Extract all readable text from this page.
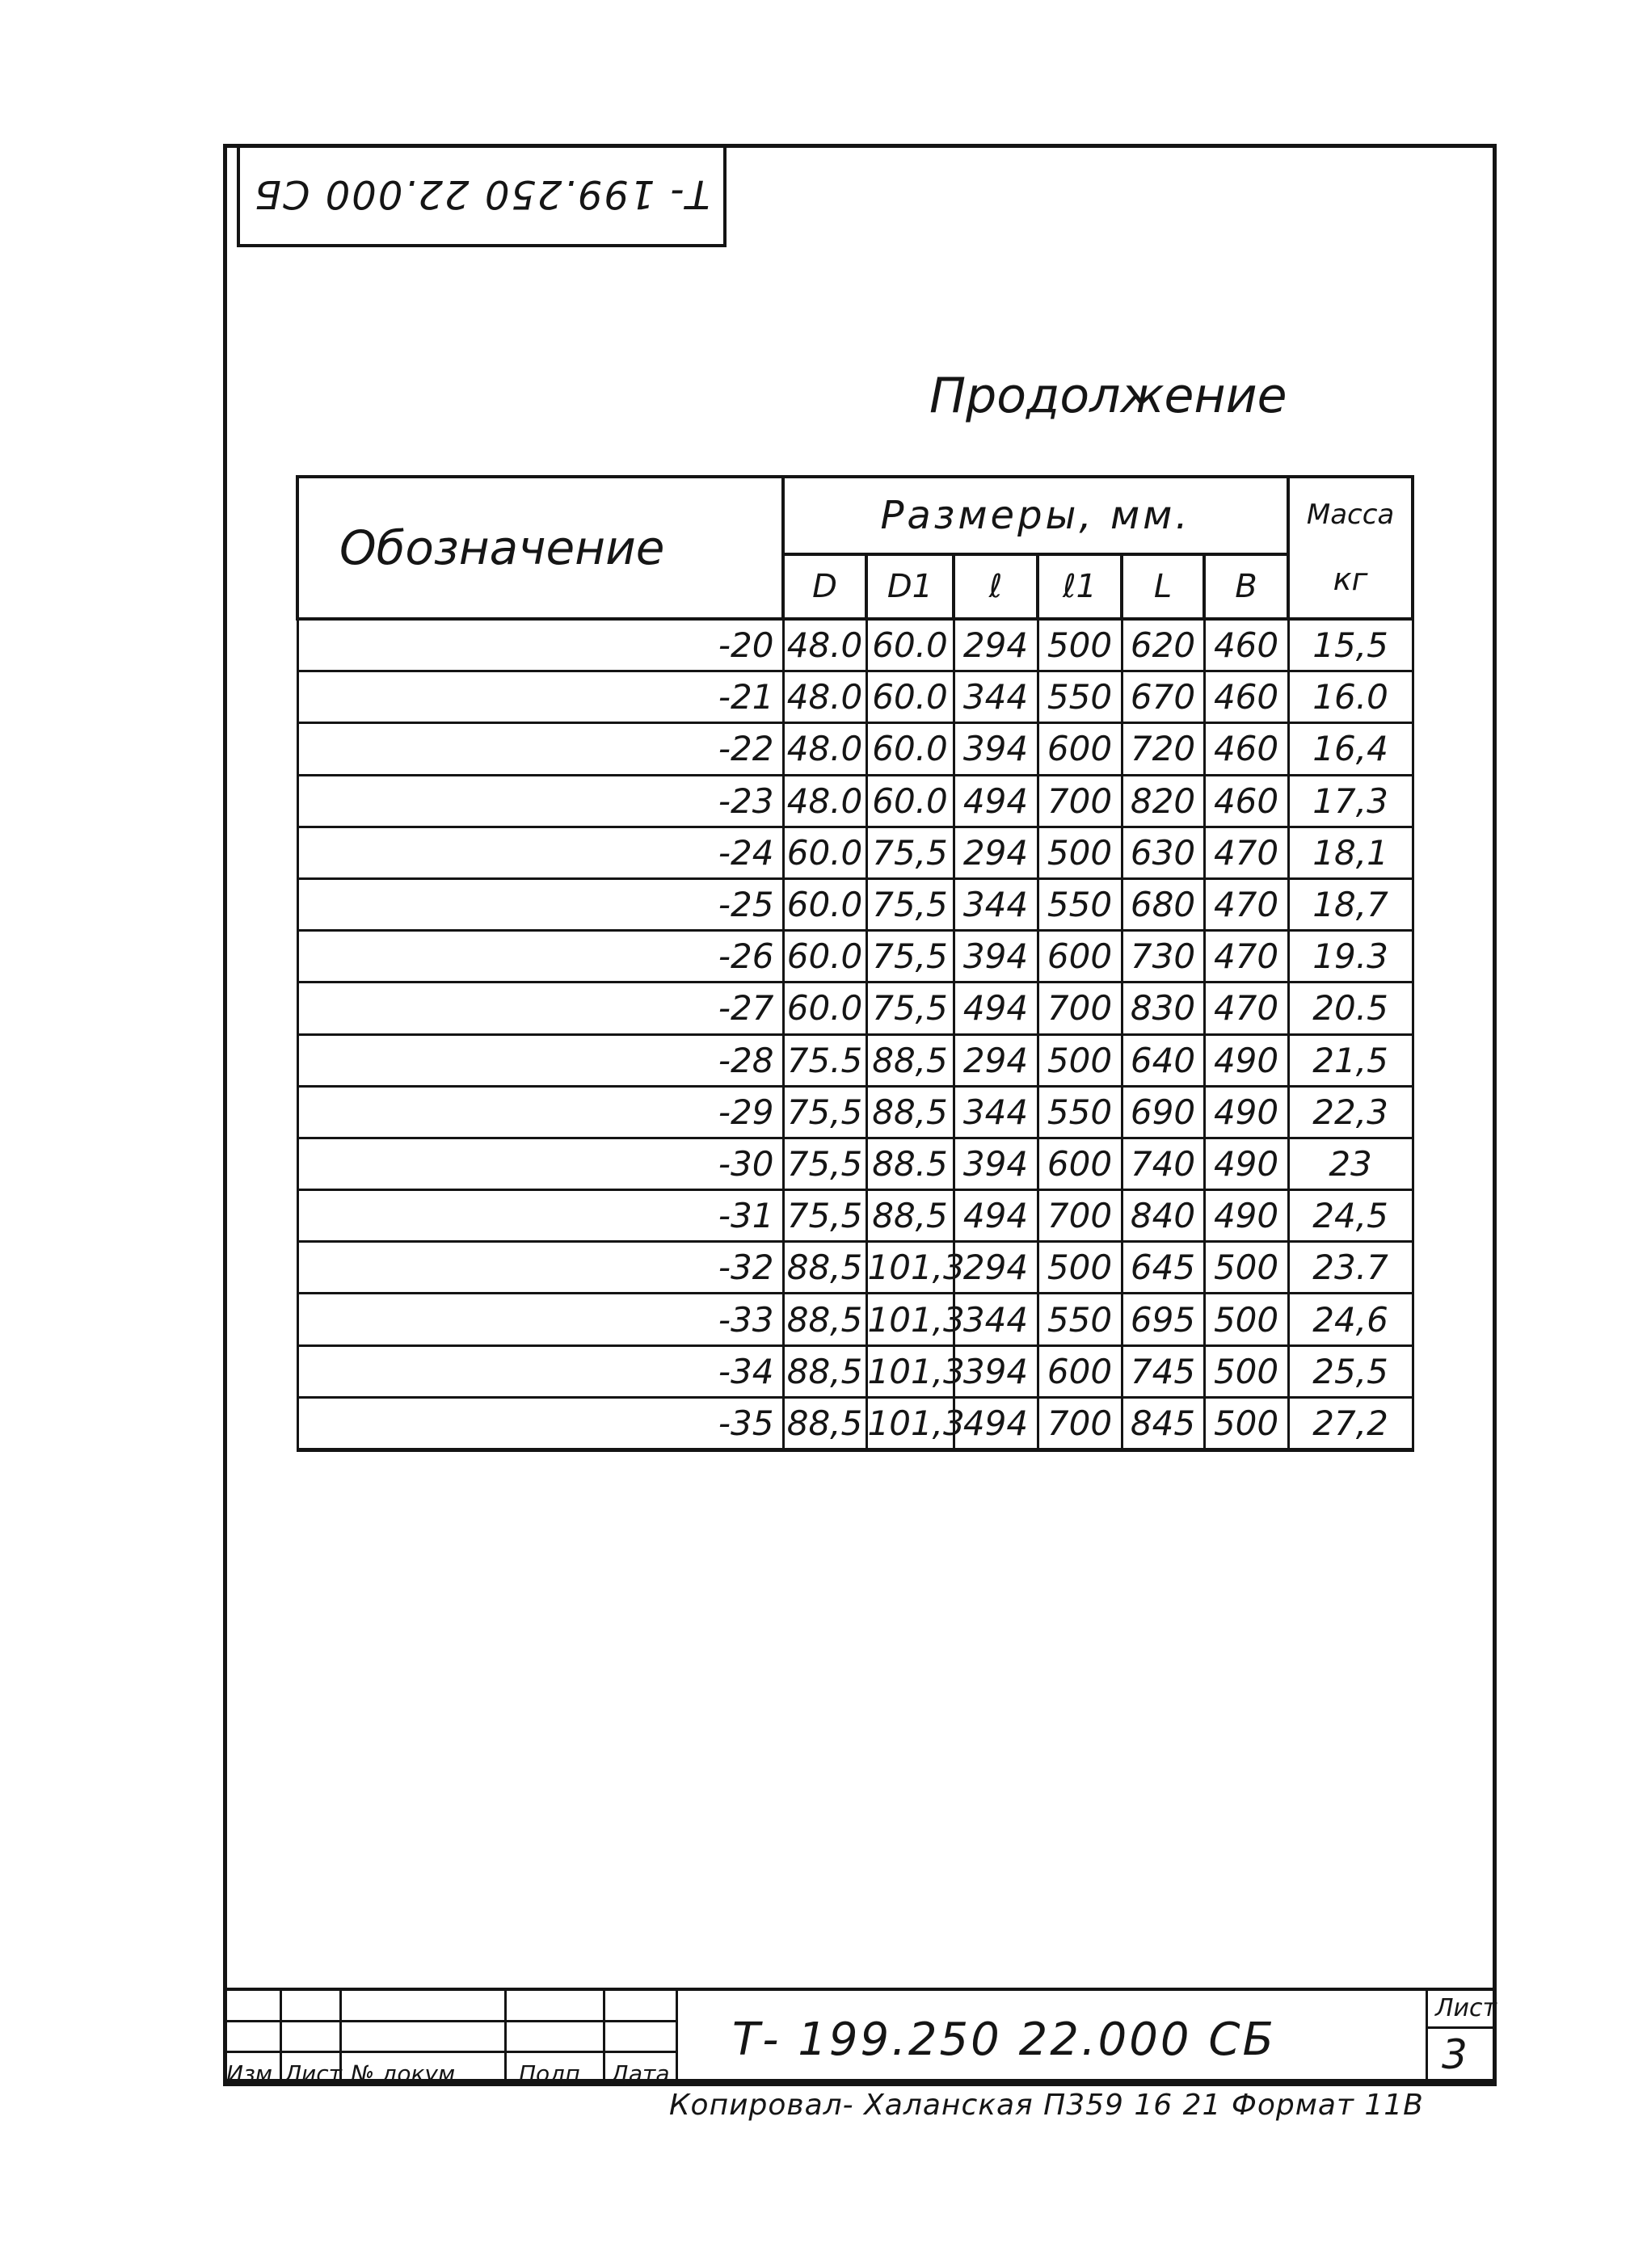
Т- 199.250 22.000 СБ
Продолжение
Обозначение	Размеры, мм.						Масса
кг

	D	D1	ℓ	ℓ1	L	B	
-20	48.0	60.0	294	500	620	460	15,5
-21	48.0	60.0	344	550	670	460	16.0
-22	48.0	60.0	394	600	720	460	16,4
-23	48.0	60.0	494	700	820	460	17,3
-24	60.0	75,5	294	500	630	470	18,1
-25	60.0	75,5	344	550	680	470	18,7
-26	60.0	75,5	394	600	730	470	19.3
-27	60.0	75,5	494	700	830	470	20.5
-28	75.5	88,5	294	500	640	490	21,5
-29	75,5	88,5	344	550	690	490	22,3
-30	75,5	88.5	394	600	740	490	23
-31	75,5	88,5	494	700	840	490	24,5
-32	88,5	101,3	294	500	645	500	23.7
-33	88,5	101,3	344	550	695	500	24,6
-34	88,5	101,3	394	600	745	500	25,5
-35	88,5	101,3	494	700	845	500	27,2
Изм Лист № докум	Подп Дата
Т- 199.250 22.000 СБ
Лист
3
Копировал- Халанская П359 16 21 Формат 11В
